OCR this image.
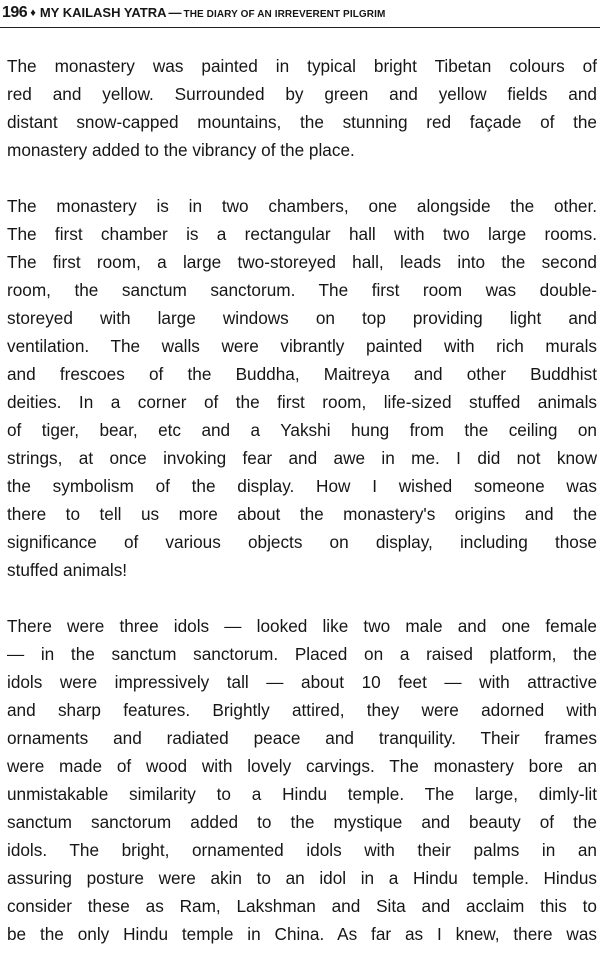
196 ♦ MY KAILASH YATRA — THE DIARY OF AN IRREVERENT PILGRIM

The monastery was painted in typical bright Tibetan colours of
red and yellow. Surrounded by green and yellow fields and
distant snow-capped mountains, the stunning red façade of the
monastery added to the vibrancy of the place.

The monastery is in two chambers, one alongside the other.
The first chamber is a rectangular hall with two large rooms.
The first room, a large two-storeyed hall, leads into the second
room, the sanctum sanctorum. The first room was double-
storeyed with large windows on top providing light and
ventilation. The walls were vibrantly painted with rich murals
and frescoes of the Buddha, Maitreya and other Buddhist
deities. In a corner of the first room, life-sized stuffed animals
of tiger, bear, etc and a Yakshi hung from the ceiling on
strings, at once invoking fear and awe in me. I did not know
the symbolism of the display. How I wished someone was
there to tell us more about the monastery's origins and the
significance of various objects on display, including those
stuffed animals!

There were three idols — looked like two male and one female
— in the sanctum sanctorum. Placed on a raised platform, the
idols were impressively tall — about 10 feet — with attractive
and sharp features. Brightly attired, they were adorned with
ornaments and radiated peace and tranquility. Their frames
were made of wood with lovely carvings. The monastery bore an
unmistakable similarity to a Hindu temple. The large, dimly-lit
sanctum sanctorum added to the mystique and beauty of the
idols. The bright, ornamented idols with their palms in an
assuring posture were akin to an idol in a Hindu temple. Hindus
consider these as Ram, Lakshman and Sita and acclaim this to
be the only Hindu temple in China. As far as I knew, there was
